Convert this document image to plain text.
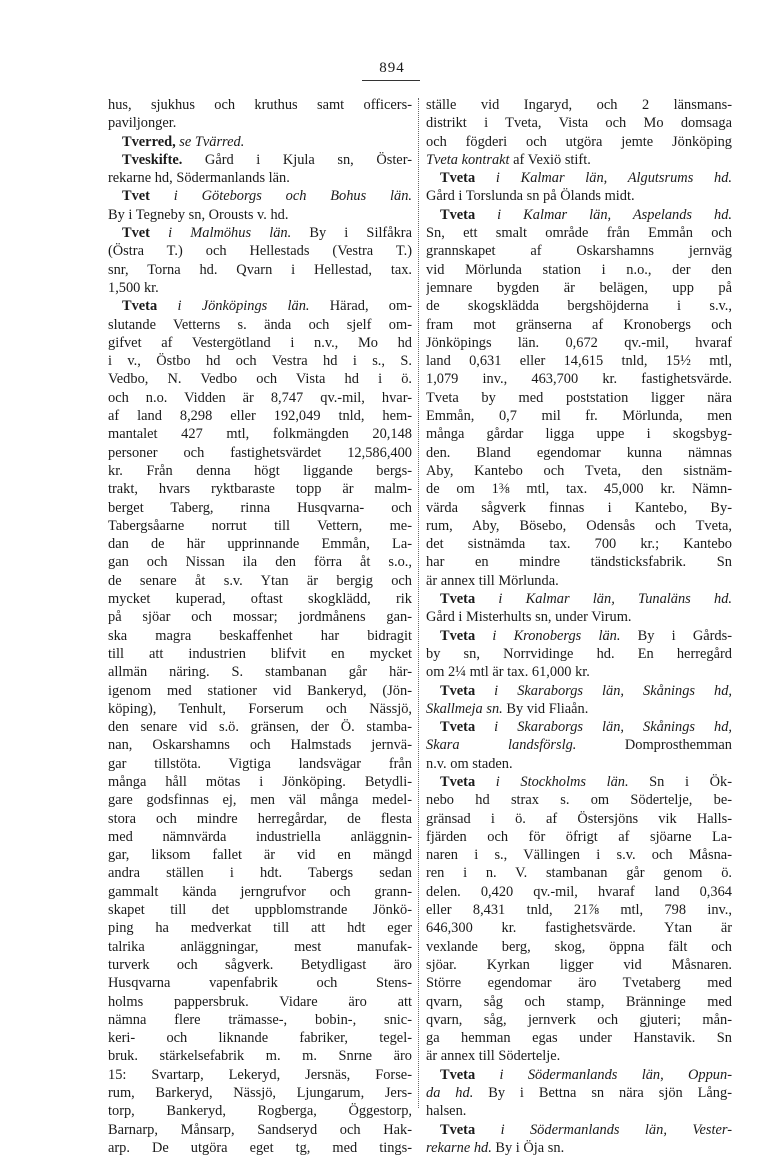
894
hus, sjukhus och kruthus samt officers-
paviljonger.
Tverred, se Tvärred.
Tveskifte. Gård i Kjula sn, Öster-
rekarne hd, Södermanlands län.
Tvet i Göteborgs och Bohus län.
By i Tegneby sn, Orousts v. hd.
Tvet i Malmöhus län. By i Silfåkra
(Östra T.) och Hellestads (Vestra T.)
snr, Torna hd. Qvarn i Hellestad, tax.
1,500 kr.
Tveta i Jönköpings län. Härad, om-
slutande Vetterns s. ända och sjelf om-
gifvet af Vestergötland i n.v., Mo hd
i v., Östbo hd och Vestra hd i s., S.
Vedbo, N. Vedbo och Vista hd i ö.
och n.o. Vidden är 8,747 qv.-mil, hvar-
af land 8,298 eller 192,049 tnld, hem-
mantalet 427 mtl, folkmängden 20,148
personer och fastighetsvärdet 12,586,400
kr. Från denna högt liggande bergs-
trakt, hvars ryktbaraste topp är malm-
berget Taberg, rinna Husqvarna- och
Tabergsåarne norrut till Vettern, me-
dan de här upprinnande Emmån, La-
gan och Nissan ila den förra åt s.o.,
de senare åt s.v. Ytan är bergig och
mycket kuperad, oftast skogklädd, rik
på sjöar och mossar; jordmånens gan-
ska magra beskaffenhet har bidragit
till att industrien blifvit en mycket
allmän näring. S. stambanan går här-
igenom med stationer vid Bankeryd, (Jön-
köping), Tenhult, Forserum och Nässjö,
den senare vid s.ö. gränsen, der Ö. stamba-
nan, Oskarshamns och Halmstads jernvä-
gar tillstöta. Vigtiga landsvägar från
många håll mötas i Jönköping. Betydli-
gare godsfinnas ej, men väl många medel-
stora och mindre herregårdar, de flesta
med nämnvärda industriella anläggnin-
gar, liksom fallet är vid en mängd
andra ställen i hdt. Tabergs sedan
gammalt kända jerngrufvor och grann-
skapet till det uppblomstrande Jönkö-
ping ha medverkat till att hdt eger
talrika anläggningar, mest manufak-
turverk och sågverk. Betydligast äro
Husqvarna vapenfabrik och Stens-
holms pappersbruk. Vidare äro att
nämna flere trämasse-, bobin-, snic-
keri- och liknande fabriker, tegel-
bruk. stärkelsefabrik m. m. Snrne äro
15: Svartarp, Lekeryd, Jersnäs, Forse-
rum, Barkeryd, Nässjö, Ljungarum, Jers-
torp, Bankeryd, Rogberga, Öggestorp,
Barnarp, Månsarp, Sandseryd och Hak-
arp. De utgöra eget tg, med tings-
ställe vid Ingaryd, och 2 länsmans-
distrikt i Tveta, Vista och Mo domsaga
och fögderi och utgöra jemte Jönköping
Tveta kontrakt af Vexiö stift.
Tveta i Kalmar län, Algutsrums hd.
Gård i Torslunda sn på Ölands midt.
Tveta i Kalmar län, Aspelands hd.
Sn, ett smalt område från Emmån och
grannskapet af Oskarshamns jernväg
vid Mörlunda station i n.o., der den
jemnare bygden är belägen, upp på
de skogsklädda bergshöjderna i s.v.,
fram mot gränserna af Kronobergs och
Jönköpings län. 0,672 qv.-mil, hvaraf
land 0,631 eller 14,615 tnld, 15½ mtl,
1,079 inv., 463,700 kr. fastighetsvärde.
Tveta by med poststation ligger nära
Emmån, 0,7 mil fr. Mörlunda, men
många gårdar ligga uppe i skogsbyg-
den. Bland egendomar kunna nämnas
Aby, Kantebo och Tveta, den sistnäm-
de om 1⅜ mtl, tax. 45,000 kr. Nämn-
värda sågverk finnas i Kantebo, By-
rum, Aby, Bösebo, Odensås och Tveta,
det sistnämda tax. 700 kr.; Kantebo
har en mindre tändsticksfabrik. Sn
är annex till Mörlunda.
Tveta i Kalmar län, Tunaläns hd.
Gård i Misterhults sn, under Virum.
Tveta i Kronobergs län. By i Gårds-
by sn, Norrvidinge hd. En herregård
om 2¼ mtl är tax. 61,000 kr.
Tveta i Skaraborgs län, Skånings hd,
Skallmeja sn. By vid Fliaån.
Tveta i Skaraborgs län, Skånings hd,
Skara landsförslg. Domprosthemman
n.v. om staden.
Tveta i Stockholms län. Sn i Ök-
nebo hd strax s. om Södertelje, be-
gränsad i ö. af Östersjöns vik Halls-
fjärden och för öfrigt af sjöarne La-
naren i s., Vällingen i s.v. och Måsna-
ren i n. V. stambanan går genom ö.
delen. 0,420 qv.-mil, hvaraf land 0,364
eller 8,431 tnld, 21⅞ mtl, 798 inv.,
646,300 kr. fastighetsvärde. Ytan är
vexlande berg, skog, öppna fält och
sjöar. Kyrkan ligger vid Måsnaren.
Större egendomar äro Tvetaberg med
qvarn, såg och stamp, Bränninge med
qvarn, såg, jernverk och gjuteri; mån-
ga hemman egas under Hanstavik. Sn
är annex till Södertelje.
Tveta i Södermanlands län, Oppun-
da hd. By i Bettna sn nära sjön Lång-
halsen.
Tveta i Södermanlands län, Vester-
rekarne hd. By i Öja sn.
